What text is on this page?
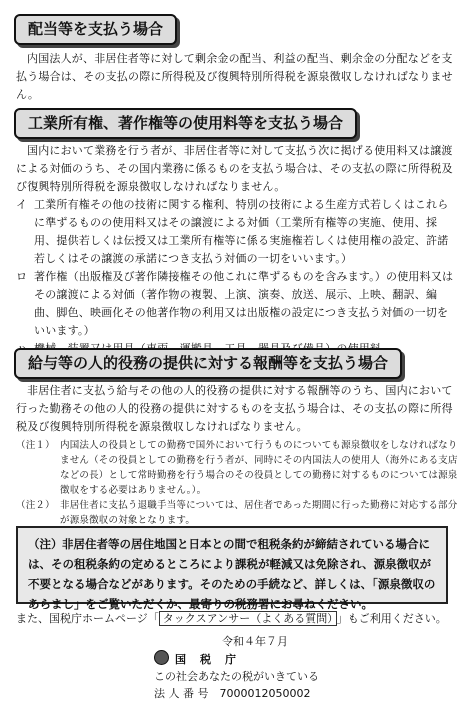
配当等を支払う場合

内国法人が、非居住者等に対して剰余金の配当、利益の配当、剰余金の分配などを支払う場合は、その支払の際に所得税及び復興特別所得税を源泉徴収しなければなりません。

工業所有権、著作権等の使用料等を支払う場合

国内において業務を行う者が、非居住者等に対して支払う次に掲げる使用料又は譲渡による対価のうち、その国内業務に係るものを支払う場合は、その支払の際に所得税及び復興特別所得税を源泉徴収しなければなりません。

イ 工業所有権その他の技術に関する権利、特別の技術による生産方式若しくはこれらに準ずるものの使用料又はその譲渡による対価（工業所有権等の実施、使用、採用、提供若しくは伝授又は工業所有権等に係る実施権若しくは使用権の設定、許諾若しくはその譲渡の承諾につき支払う対価の一切をいいます。）
ロ 著作権（出版権及び著作隣接権その他これに準ずるものを含みます。）の使用料又はその譲渡による対価（著作物の複製、上演、演奏、放送、展示、上映、翻訳、編曲、脚色、映画化その他著作物の利用又は出版権の設定につき支払う対価の一切をいいます。）
給与等の人的役務の提供に対する報酬等を支払う場合

非居住者に支払う給与その他の人的役務の提供に対する報酬等のうち、国内において行った勤務その他の人的役務の提供に対するものを支払う場合は、その支払の際に所得税及び復興特別所得税を源泉徴収しなければなりません。

（注１） 内国法人の役員としての勤務で国外において行うものについても源泉徴収をしなければなりません（その役員としての勤務を行う者が、同時にその内国法人の使用人（海外にある支店などの長）として常時勤務を行う場合のその役員としての勤務に対するものについては源泉徴収をする必要はありません。）。
（注２） 非居住者に支払う退職手当等については、居住者であった期間に行った勤務に対応する部分が源泉徴収の対象となります。
（注） 非居住者等の居住地国と日本との間で租税条約が締結されている場合には、その租税条約の定めるところにより課税が軽減又は免除され、源泉徴収が不要となる場合などがあります。そのための手続など、詳しくは、「源泉徴収のあらまし」をご覧いただくか、最寄りの税務署にお尋ねください。
また、国税庁ホームページ「 タックスアンサー（よくある質問） 」もご利用ください。
令和４年７月
国税庁
この社会あなたの税がいきている
法 人 番 号　7000012050002
